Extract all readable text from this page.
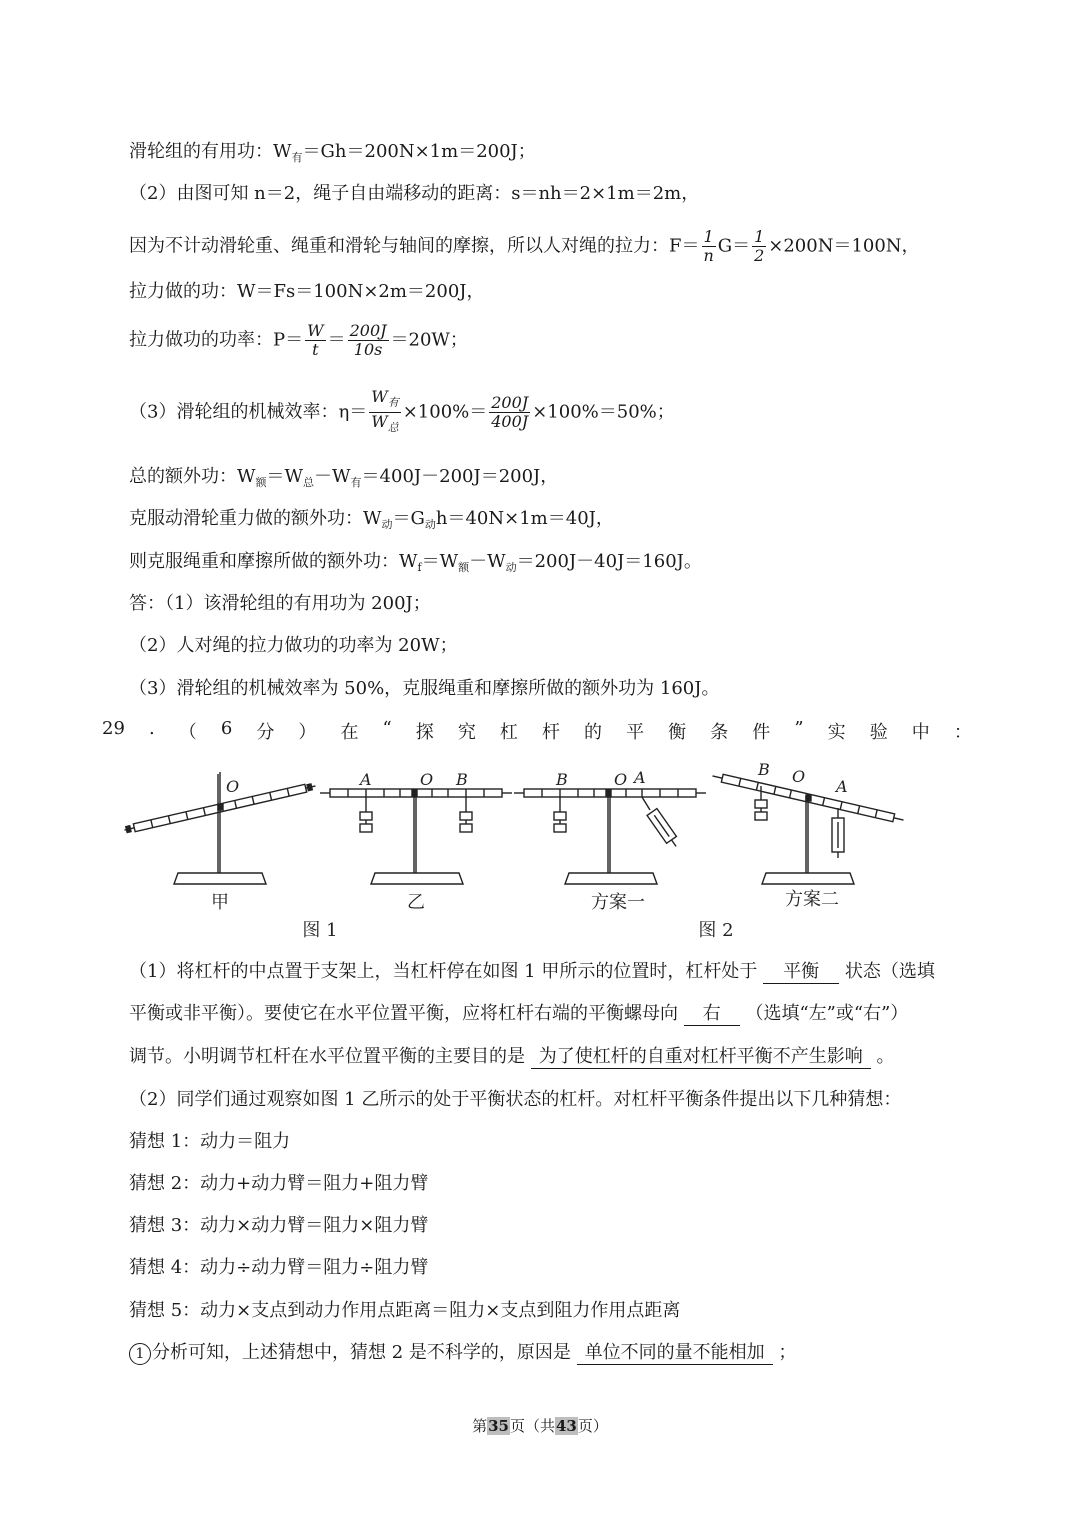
滑轮组的有用功：$W_有=Gh=200N\times 1m=200J$；
（2）由图可知 n＝2，绳子自由端移动的距离：s＝nh＝2×1m＝2m，
因为不计动滑轮重、绳重和滑轮与轴间的摩擦，所以人对绳的拉力：$F= \frac{1}{n} G= \frac{1}{2} \times 200N=100N$，
拉力做的功：W＝Fs＝100N×2m＝200J，
拉力做功的功率：$P= \frac{W}{t} = \frac{200J}{10s} =20W$；
（3）滑轮组的机械效率：$\eta= \frac{W_有}{W_总} \times 100\%= \frac{200J}{400J} \times 100\%=50\%$；
总的额外功：$W_额=W_总-W_有=400J-200J=200J$，
克服动滑轮重力做的额外功：$W_动=G_动h=40N\times 1m=40J$，
则克服绳重和摩擦所做的额外功：$W_f=W_额-W_动=200J-40J=160J$。
答：（1）该滑轮组的有用功为 200J；
（2）人对绳的拉力做功的功率为 20W；
（3）滑轮组的机械效率为 50%，克服绳重和摩擦所做的额外功为 160J。
29 . （ 6 分 ） 在 “ 探 究 杠 杆 的 平 衡 条 件 ” 实 验 中 ：
O	A	O B	B	O A	B O
A
甲	乙	方案一	方案二
图 1	图 2
（1）将杠杆的中点置于支架上，当杠杆停在如图 1 甲所示的位置时，杠杆处于 平衡 状态（选填
平衡或非平衡）。要使它在水平位置平衡，应将杠杆右端的平衡螺母向 右 （选填“左”或“右”）
调节。小明调节杠杆在水平位置平衡的主要目的是 为了使杠杆的自重对杠杆平衡不产生影响 。
（2）同学们通过观察如图 1 乙所示的处于平衡状态的杠杆。对杠杆平衡条件提出以下几种猜想：
猜想 1：动力＝阻力
猜想 2：动力+动力臂＝阻力+阻力臂
猜想 3：动力×动力臂＝阻力×阻力臂
猜想 4：动力÷动力臂＝阻力÷阻力臂
猜想 5：动力×支点到动力作用点距离＝阻力×支点到阻力作用点距离
1 分析可知，上述猜想中，猜想 2 是不科学的，原因是 单位不同的量不能相加 ；
第35页（共43页）
